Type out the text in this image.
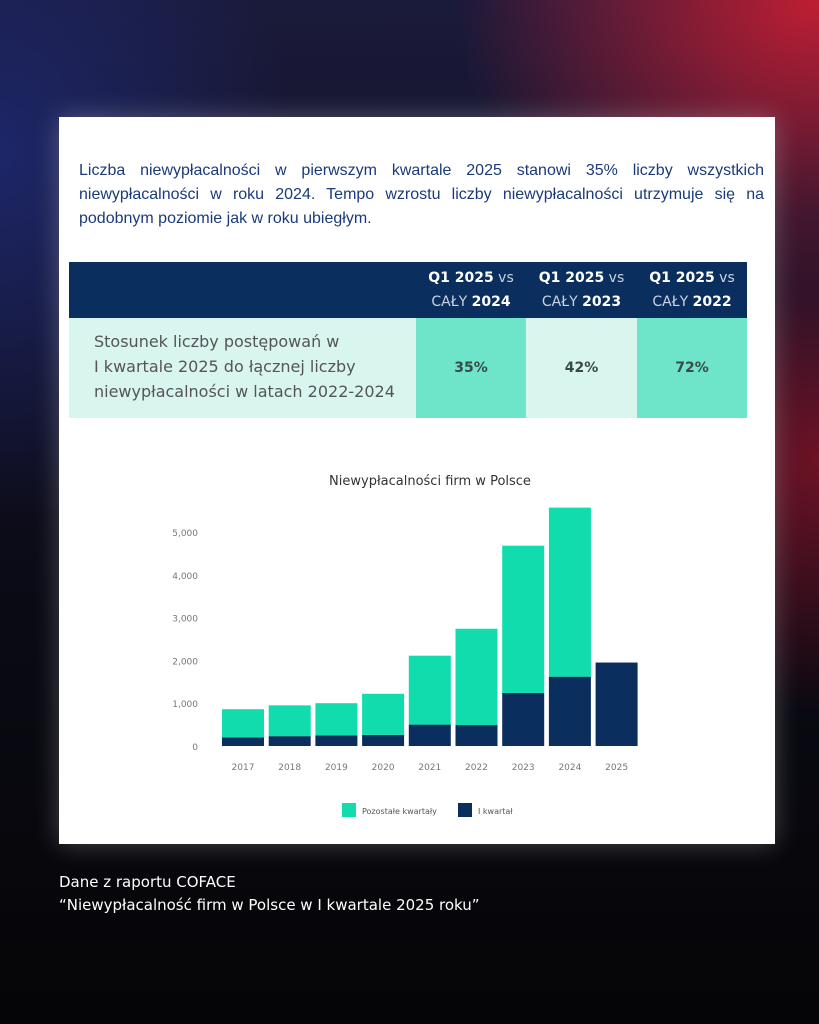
Liczba niewypłacalności w pierwszym kwartale 2025 stanowi 35% liczby wszystkich niewypłacalności w roku 2024. Tempo wzrostu liczby niewypłacalności utrzymuje się na podobnym poziomie jak w roku ubiegłym.

Q1 2025 vs
CAŁY 2024
Q1 2025 vs
CAŁY 2023
Q1 2025 vs
CAŁY 2022
Stosunek liczby postępowań w
I kwartale 2025 do łącznej liczby
niewypłacalności w latach 2022-2024
35%	42%	72%
Niewypłacalności firm w Polsce
0
1,000
2,000
3,000
4,000
5,000
2017	2018	2019	2020	2021	2022	2023	2024	2025
Pozostałe kwartały	I kwartał

Dane z raportu COFACE
“Niewypłacalność firm w Polsce w I kwartale 2025 roku”
